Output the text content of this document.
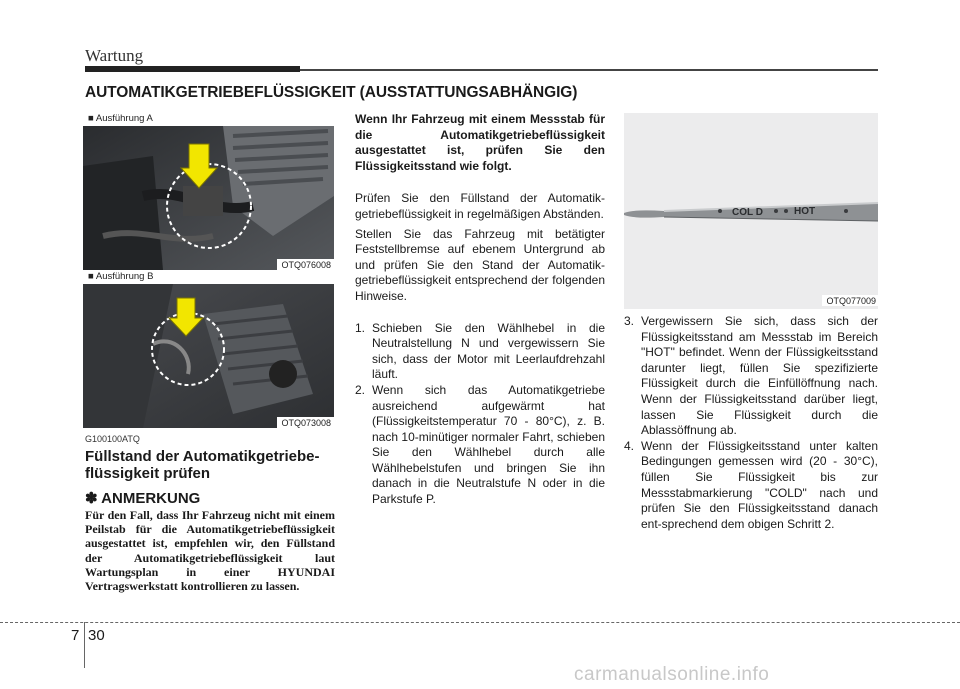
Wartung
AUTOMATIKGETRIEBEFLÜSSIGKEIT (AUSSTATTUNGSABHÄNGIG)
■ Ausführung A
OTQ076008
■ Ausführung B
OTQ073008
G100100ATQ
Füllstand der Automatikgetriebe-flüssigkeit prüfen
✽ ANMERKUNG
Für den Fall, dass Ihr Fahrzeug nicht mit einem Peilstab für die Automatikgetriebeflüssigkeit ausgestattet ist, empfehlen wir, den Füllstand der Automatikgetriebeflüssigkeit laut Wartungsplan in einer HYUNDAI Vertragswerkstatt kontrollieren zu lassen.

Wenn Ihr Fahrzeug mit einem Messstab für die Automatikgetriebeflüssigkeit ausgestattet ist, prüfen Sie den Flüssigkeitsstand wie folgt.

Prüfen Sie den Füllstand der Automatik-getriebeflüssigkeit in regelmäßigen Abständen.

Stellen Sie das Fahrzeug mit betätigter Feststellbremse auf ebenem Untergrund ab und prüfen Sie den Stand der Automatik-getriebeflüssigkeit entsprechend der folgenden Hinweise.

1. Schieben Sie den Wählhebel in die Neutralstellung N und vergewissern Sie sich, dass der Motor mit Leerlaufdrehzahl läuft.
2. Wenn sich das Automatikgetriebe ausreichend aufgewärmt hat (Flüssigkeitstemperatur 70 - 80°C), z. B. nach 10-minütiger normaler Fahrt, schieben Sie den Wählhebel durch alle Wählhebelstufen und bringen Sie ihn danach in die Neutralstufe N oder in die Parkstufe P.
COL D	HOT
OTQ077009
3. Vergewissern Sie sich, dass sich der Flüssigkeitsstand am Messstab im Bereich "HOT" befindet. Wenn der Flüssigkeitsstand darunter liegt, füllen Sie spezifizierte Flüssigkeit durch die Einfüllöffnung nach. Wenn der Flüssigkeitsstand darüber liegt, lassen Sie Flüssigkeit durch die Ablassöffnung ab.
4. Wenn der Flüssigkeitsstand unter kalten Bedingungen gemessen wird (20 - 30°C), füllen Sie Flüssigkeit bis zur Messstabmarkierung "COLD" nach und prüfen Sie den Flüssigkeitsstand danach ent-sprechend dem obigen Schritt 2.
7 30
carmanualsonline.info
